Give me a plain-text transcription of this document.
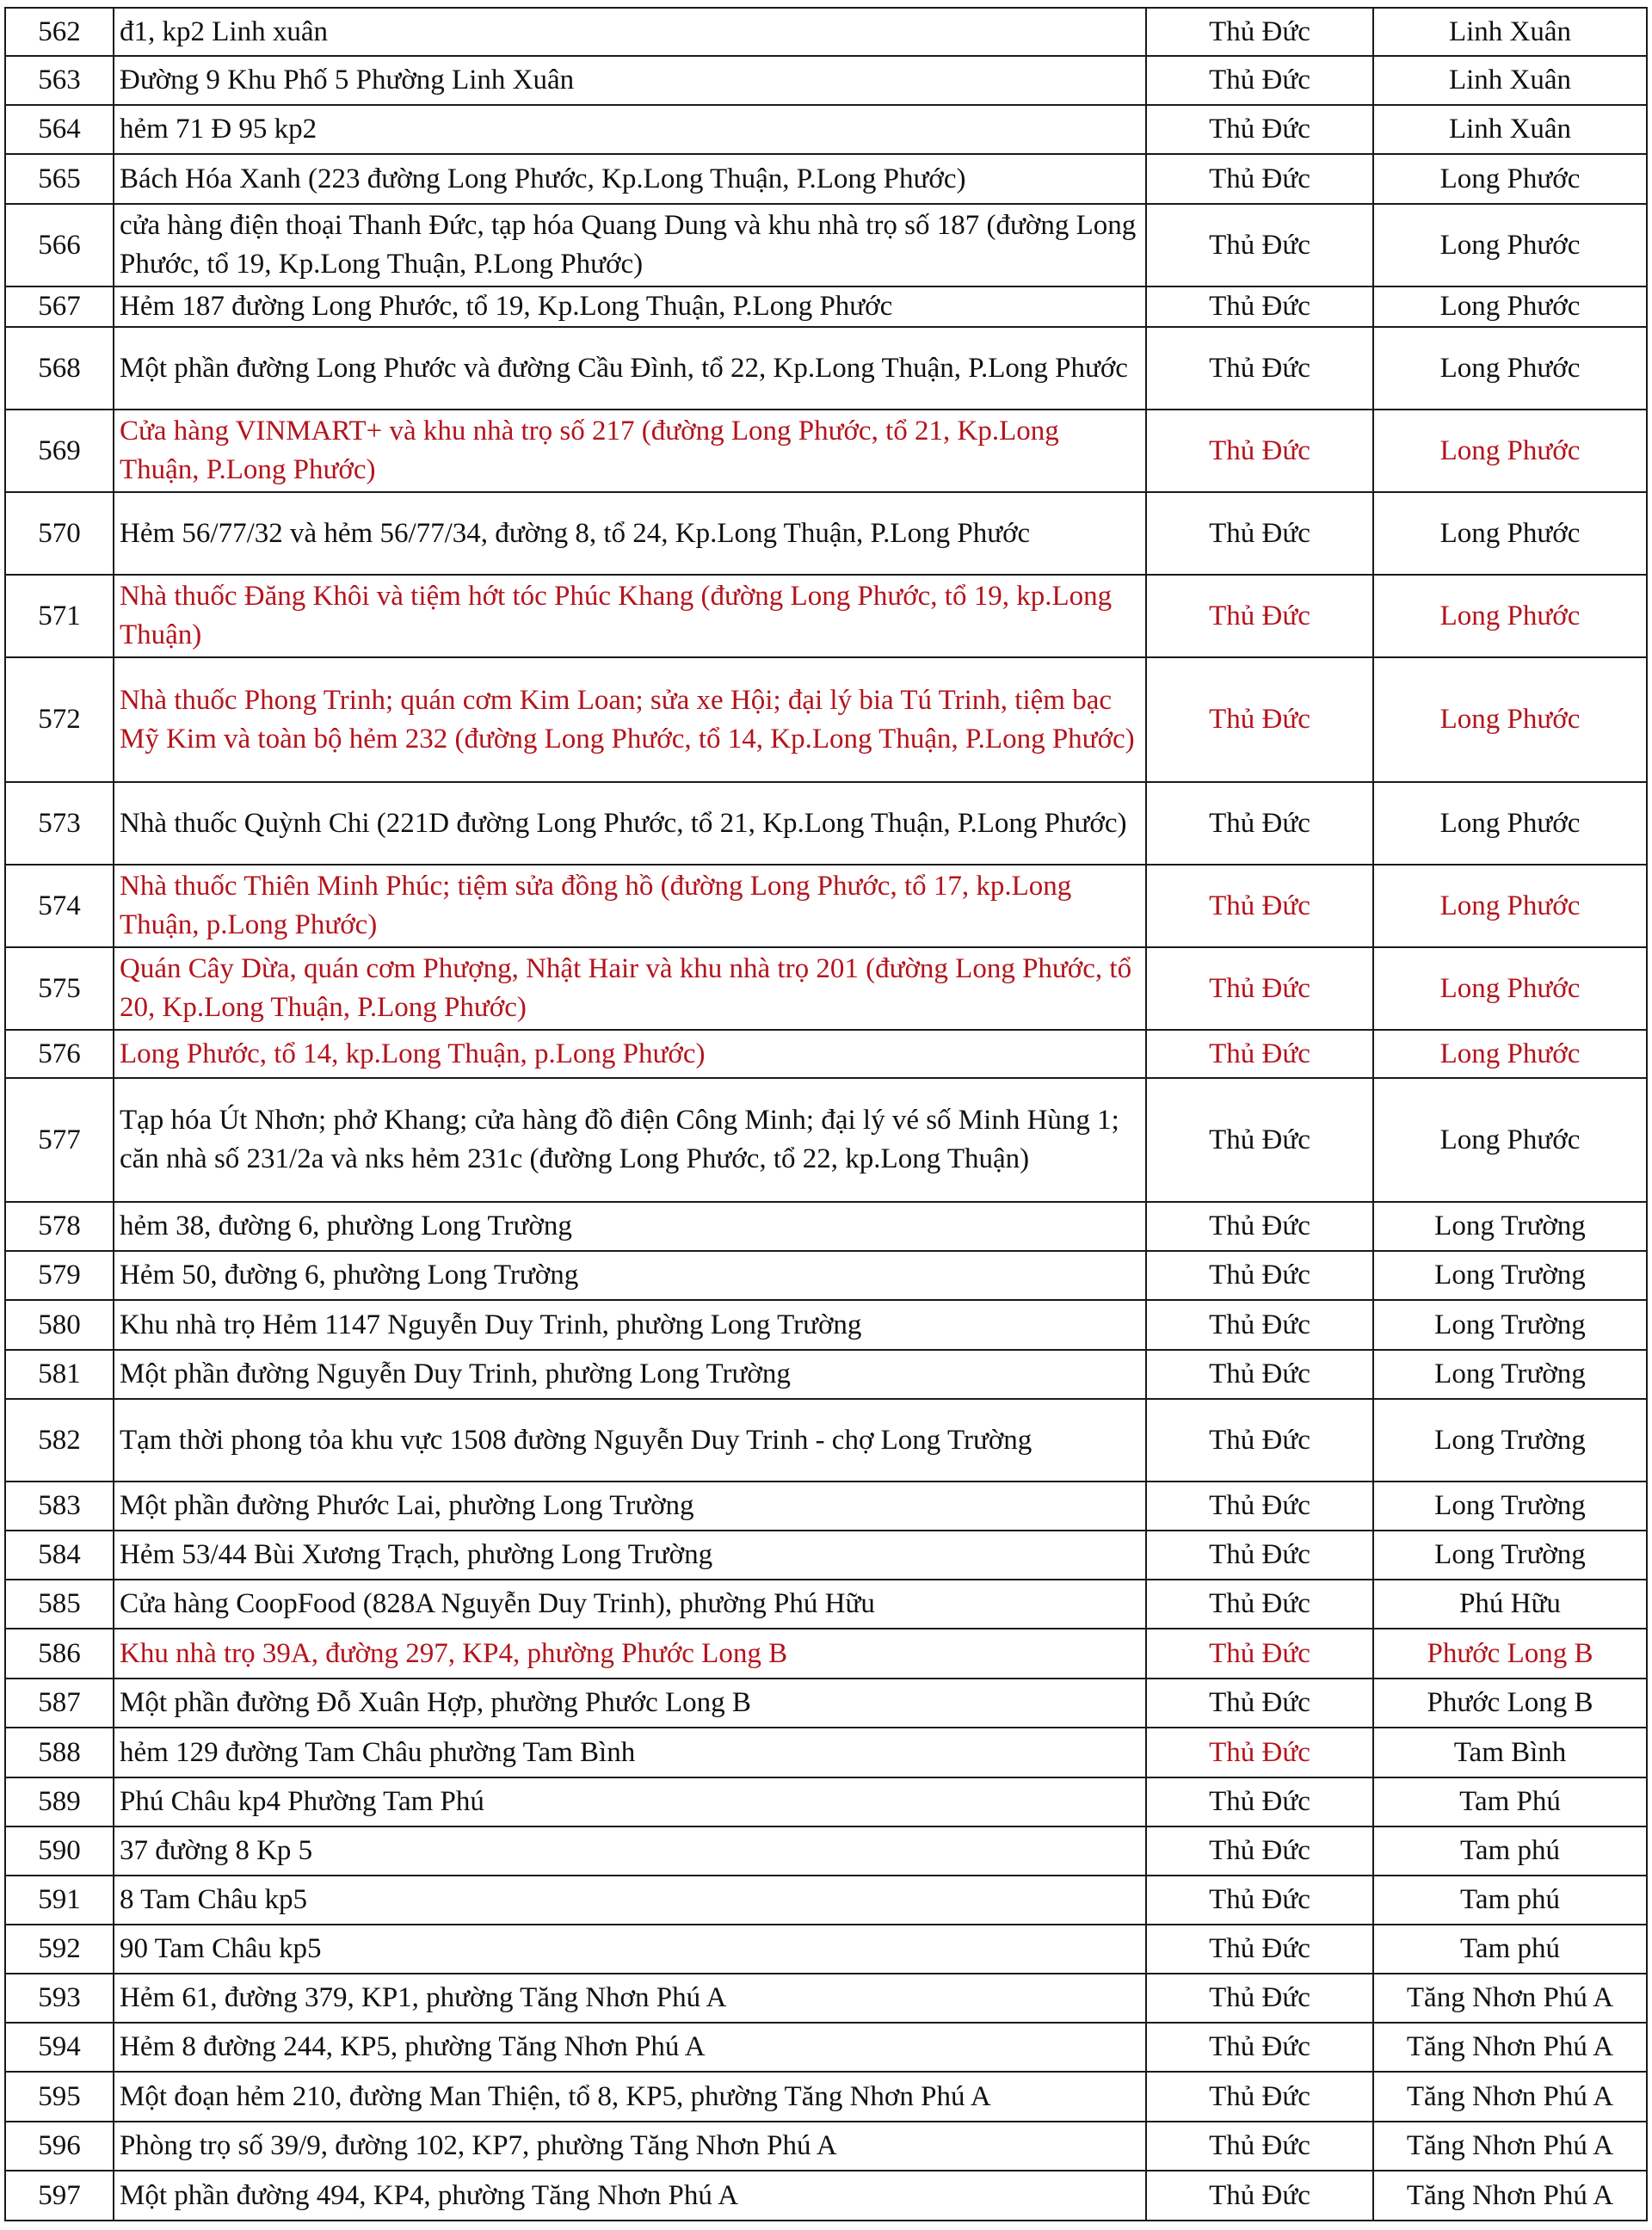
562	đ1, kp2 Linh xuân	Thủ Đức	Linh Xuân
563	Đường 9 Khu Phố 5 Phường Linh Xuân	Thủ Đức	Linh Xuân
564	hẻm 71 Đ 95 kp2	Thủ Đức	Linh Xuân
565	Bách Hóa Xanh (223 đường Long Phước, Kp.Long Thuận, P.Long Phước)	Thủ Đức	Long Phước
566	cửa hàng điện thoại Thanh Đức, tạp hóa Quang Dung và khu nhà trọ số 187 (đường Long Phước, tổ 19, Kp.Long Thuận, P.Long Phước)	Thủ Đức	Long Phước
567	Hẻm 187 đường Long Phước, tổ 19, Kp.Long Thuận, P.Long Phước	Thủ Đức	Long Phước
568	Một phần đường Long Phước và đường Cầu Đình, tổ 22, Kp.Long Thuận, P.Long Phước	Thủ Đức	Long Phước
569	Cửa hàng VINMART+ và khu nhà trọ số 217 (đường Long Phước, tổ 21, Kp.Long Thuận, P.Long Phước)	Thủ Đức	Long Phước
570	Hẻm 56/77/32 và hẻm 56/77/34, đường 8, tổ 24, Kp.Long Thuận, P.Long Phước	Thủ Đức	Long Phước
571	Nhà thuốc Đăng Khôi và tiệm hớt tóc Phúc Khang (đường Long Phước, tổ 19, kp.Long Thuận)	Thủ Đức	Long Phước
572	Nhà thuốc Phong Trinh; quán cơm Kim Loan; sửa xe Hội; đại lý bia Tú Trinh, tiệm bạc Mỹ Kim và toàn bộ hẻm 232 (đường Long Phước, tổ 14, Kp.Long Thuận, P.Long Phước)	Thủ Đức	Long Phước
573	Nhà thuốc Quỳnh Chi (221D đường Long Phước, tổ 21, Kp.Long Thuận, P.Long Phước)	Thủ Đức	Long Phước
574	Nhà thuốc Thiên Minh Phúc; tiệm sửa đồng hồ (đường Long Phước, tổ 17, kp.Long Thuận, p.Long Phước)	Thủ Đức	Long Phước
575	Quán Cây Dừa, quán cơm Phượng, Nhật Hair và khu nhà trọ 201 (đường Long Phước, tổ 20, Kp.Long Thuận, P.Long Phước)	Thủ Đức	Long Phước
576	Long Phước, tổ 14, kp.Long Thuận, p.Long Phước)	Thủ Đức	Long Phước
577	Tạp hóa Út Nhơn; phở Khang; cửa hàng đồ điện Công Minh; đại lý vé số Minh Hùng 1; căn nhà số 231/2a và nks hẻm 231c (đường Long Phước, tổ 22, kp.Long Thuận)	Thủ Đức	Long Phước
578	hẻm 38, đường 6, phường Long Trường	Thủ Đức	Long Trường
579	Hẻm 50, đường 6, phường Long Trường	Thủ Đức	Long Trường
580	Khu nhà trọ Hẻm 1147 Nguyễn Duy Trinh, phường Long Trường	Thủ Đức	Long Trường
581	Một phần đường Nguyễn Duy Trinh, phường Long Trường	Thủ Đức	Long Trường
582	Tạm thời phong tỏa khu vực 1508 đường Nguyễn Duy Trinh - chợ Long Trường	Thủ Đức	Long Trường
583	Một phần đường Phước Lai, phường Long Trường	Thủ Đức	Long Trường
584	Hẻm 53/44 Bùi Xương Trạch, phường Long Trường	Thủ Đức	Long Trường
585	Cửa hàng CoopFood (828A Nguyễn Duy Trinh), phường Phú Hữu	Thủ Đức	Phú Hữu
586	Khu nhà trọ 39A, đường 297, KP4, phường Phước Long B	Thủ Đức	Phước Long B
587	Một phần đường Đỗ Xuân Hợp, phường Phước Long B	Thủ Đức	Phước Long B
588	hẻm 129 đường Tam Châu phường Tam Bình	Thủ Đức	Tam Bình
589	Phú Châu kp4 Phường Tam Phú	Thủ Đức	Tam Phú
590	37 đường 8 Kp 5	Thủ Đức	Tam phú
591	8 Tam Châu kp5	Thủ Đức	Tam phú
592	90 Tam Châu kp5	Thủ Đức	Tam phú
593	Hẻm 61, đường 379, KP1, phường Tăng Nhơn Phú A	Thủ Đức	Tăng Nhơn Phú A
594	Hẻm 8 đường 244, KP5, phường Tăng Nhơn Phú A	Thủ Đức	Tăng Nhơn Phú A
595	Một đoạn hẻm 210, đường Man Thiện, tổ 8, KP5, phường Tăng Nhơn Phú A	Thủ Đức	Tăng Nhơn Phú A
596	Phòng trọ số 39/9, đường 102, KP7, phường Tăng Nhơn Phú A	Thủ Đức	Tăng Nhơn Phú A
597	Một phần đường 494, KP4, phường Tăng Nhơn Phú A	Thủ Đức	Tăng Nhơn Phú A
